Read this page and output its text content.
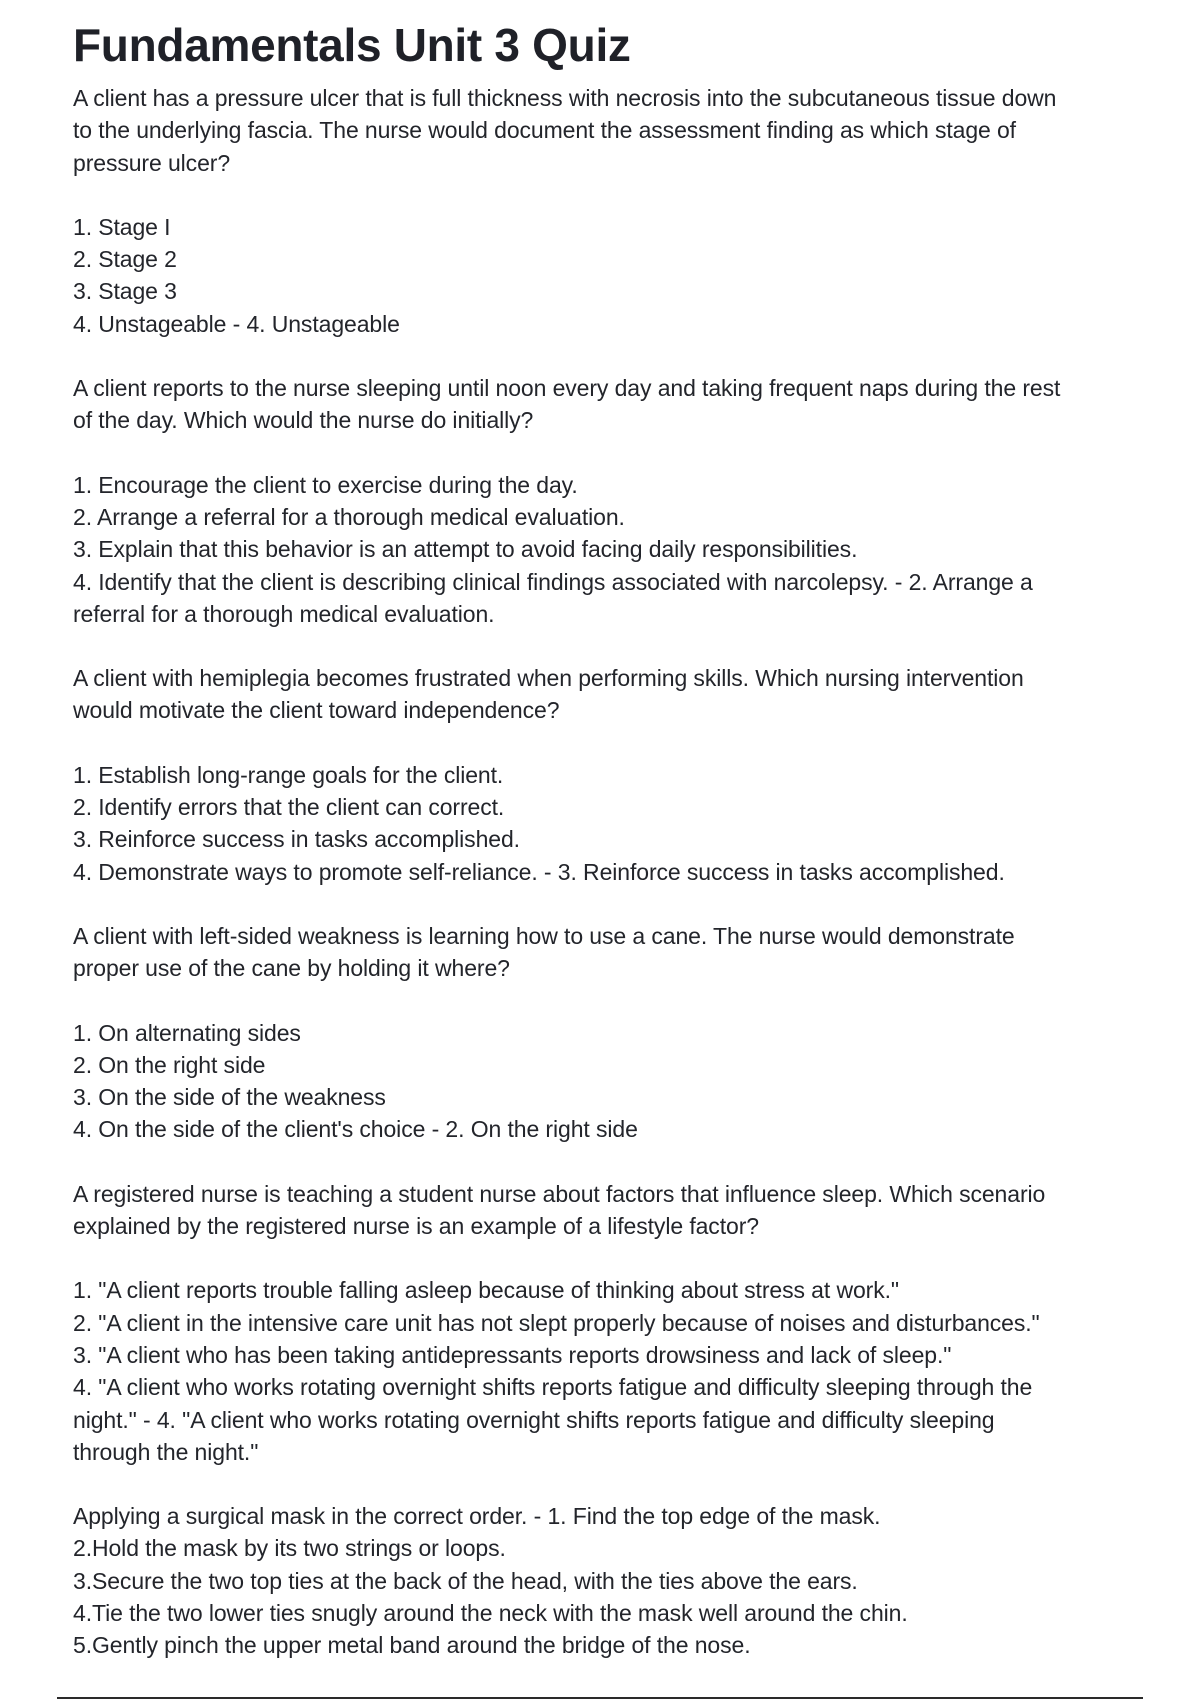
Fundamentals Unit 3 Quiz
A client has a pressure ulcer that is full thickness with necrosis into the subcutaneous tissue down
to the underlying fascia. The nurse would document the assessment finding as which stage of
pressure ulcer?
1. Stage I
2. Stage 2
3. Stage 3
4. Unstageable - 4. Unstageable
A client reports to the nurse sleeping until noon every day and taking frequent naps during the rest
of the day. Which would the nurse do initially?
1. Encourage the client to exercise during the day.
2. Arrange a referral for a thorough medical evaluation.
3. Explain that this behavior is an attempt to avoid facing daily responsibilities.
4. Identify that the client is describing clinical findings associated with narcolepsy. - 2. Arrange a
referral for a thorough medical evaluation.
A client with hemiplegia becomes frustrated when performing skills. Which nursing intervention
would motivate the client toward independence?
1. Establish long-range goals for the client.
2. Identify errors that the client can correct.
3. Reinforce success in tasks accomplished.
4. Demonstrate ways to promote self-reliance. - 3. Reinforce success in tasks accomplished.
A client with left-sided weakness is learning how to use a cane. The nurse would demonstrate
proper use of the cane by holding it where?
1. On alternating sides
2. On the right side
3. On the side of the weakness
4. On the side of the client's choice - 2. On the right side
A registered nurse is teaching a student nurse about factors that influence sleep. Which scenario
explained by the registered nurse is an example of a lifestyle factor?
1. "A client reports trouble falling asleep because of thinking about stress at work."
2. "A client in the intensive care unit has not slept properly because of noises and disturbances."
3. "A client who has been taking antidepressants reports drowsiness and lack of sleep."
4. "A client who works rotating overnight shifts reports fatigue and difficulty sleeping through the
night." - 4. "A client who works rotating overnight shifts reports fatigue and difficulty sleeping
through the night."
Applying a surgical mask in the correct order. - 1. Find the top edge of the mask.
2.Hold the mask by its two strings or loops.
3.Secure the two top ties at the back of the head, with the ties above the ears.
4.Tie the two lower ties snugly around the neck with the mask well around the chin.
5.Gently pinch the upper metal band around the bridge of the nose.
